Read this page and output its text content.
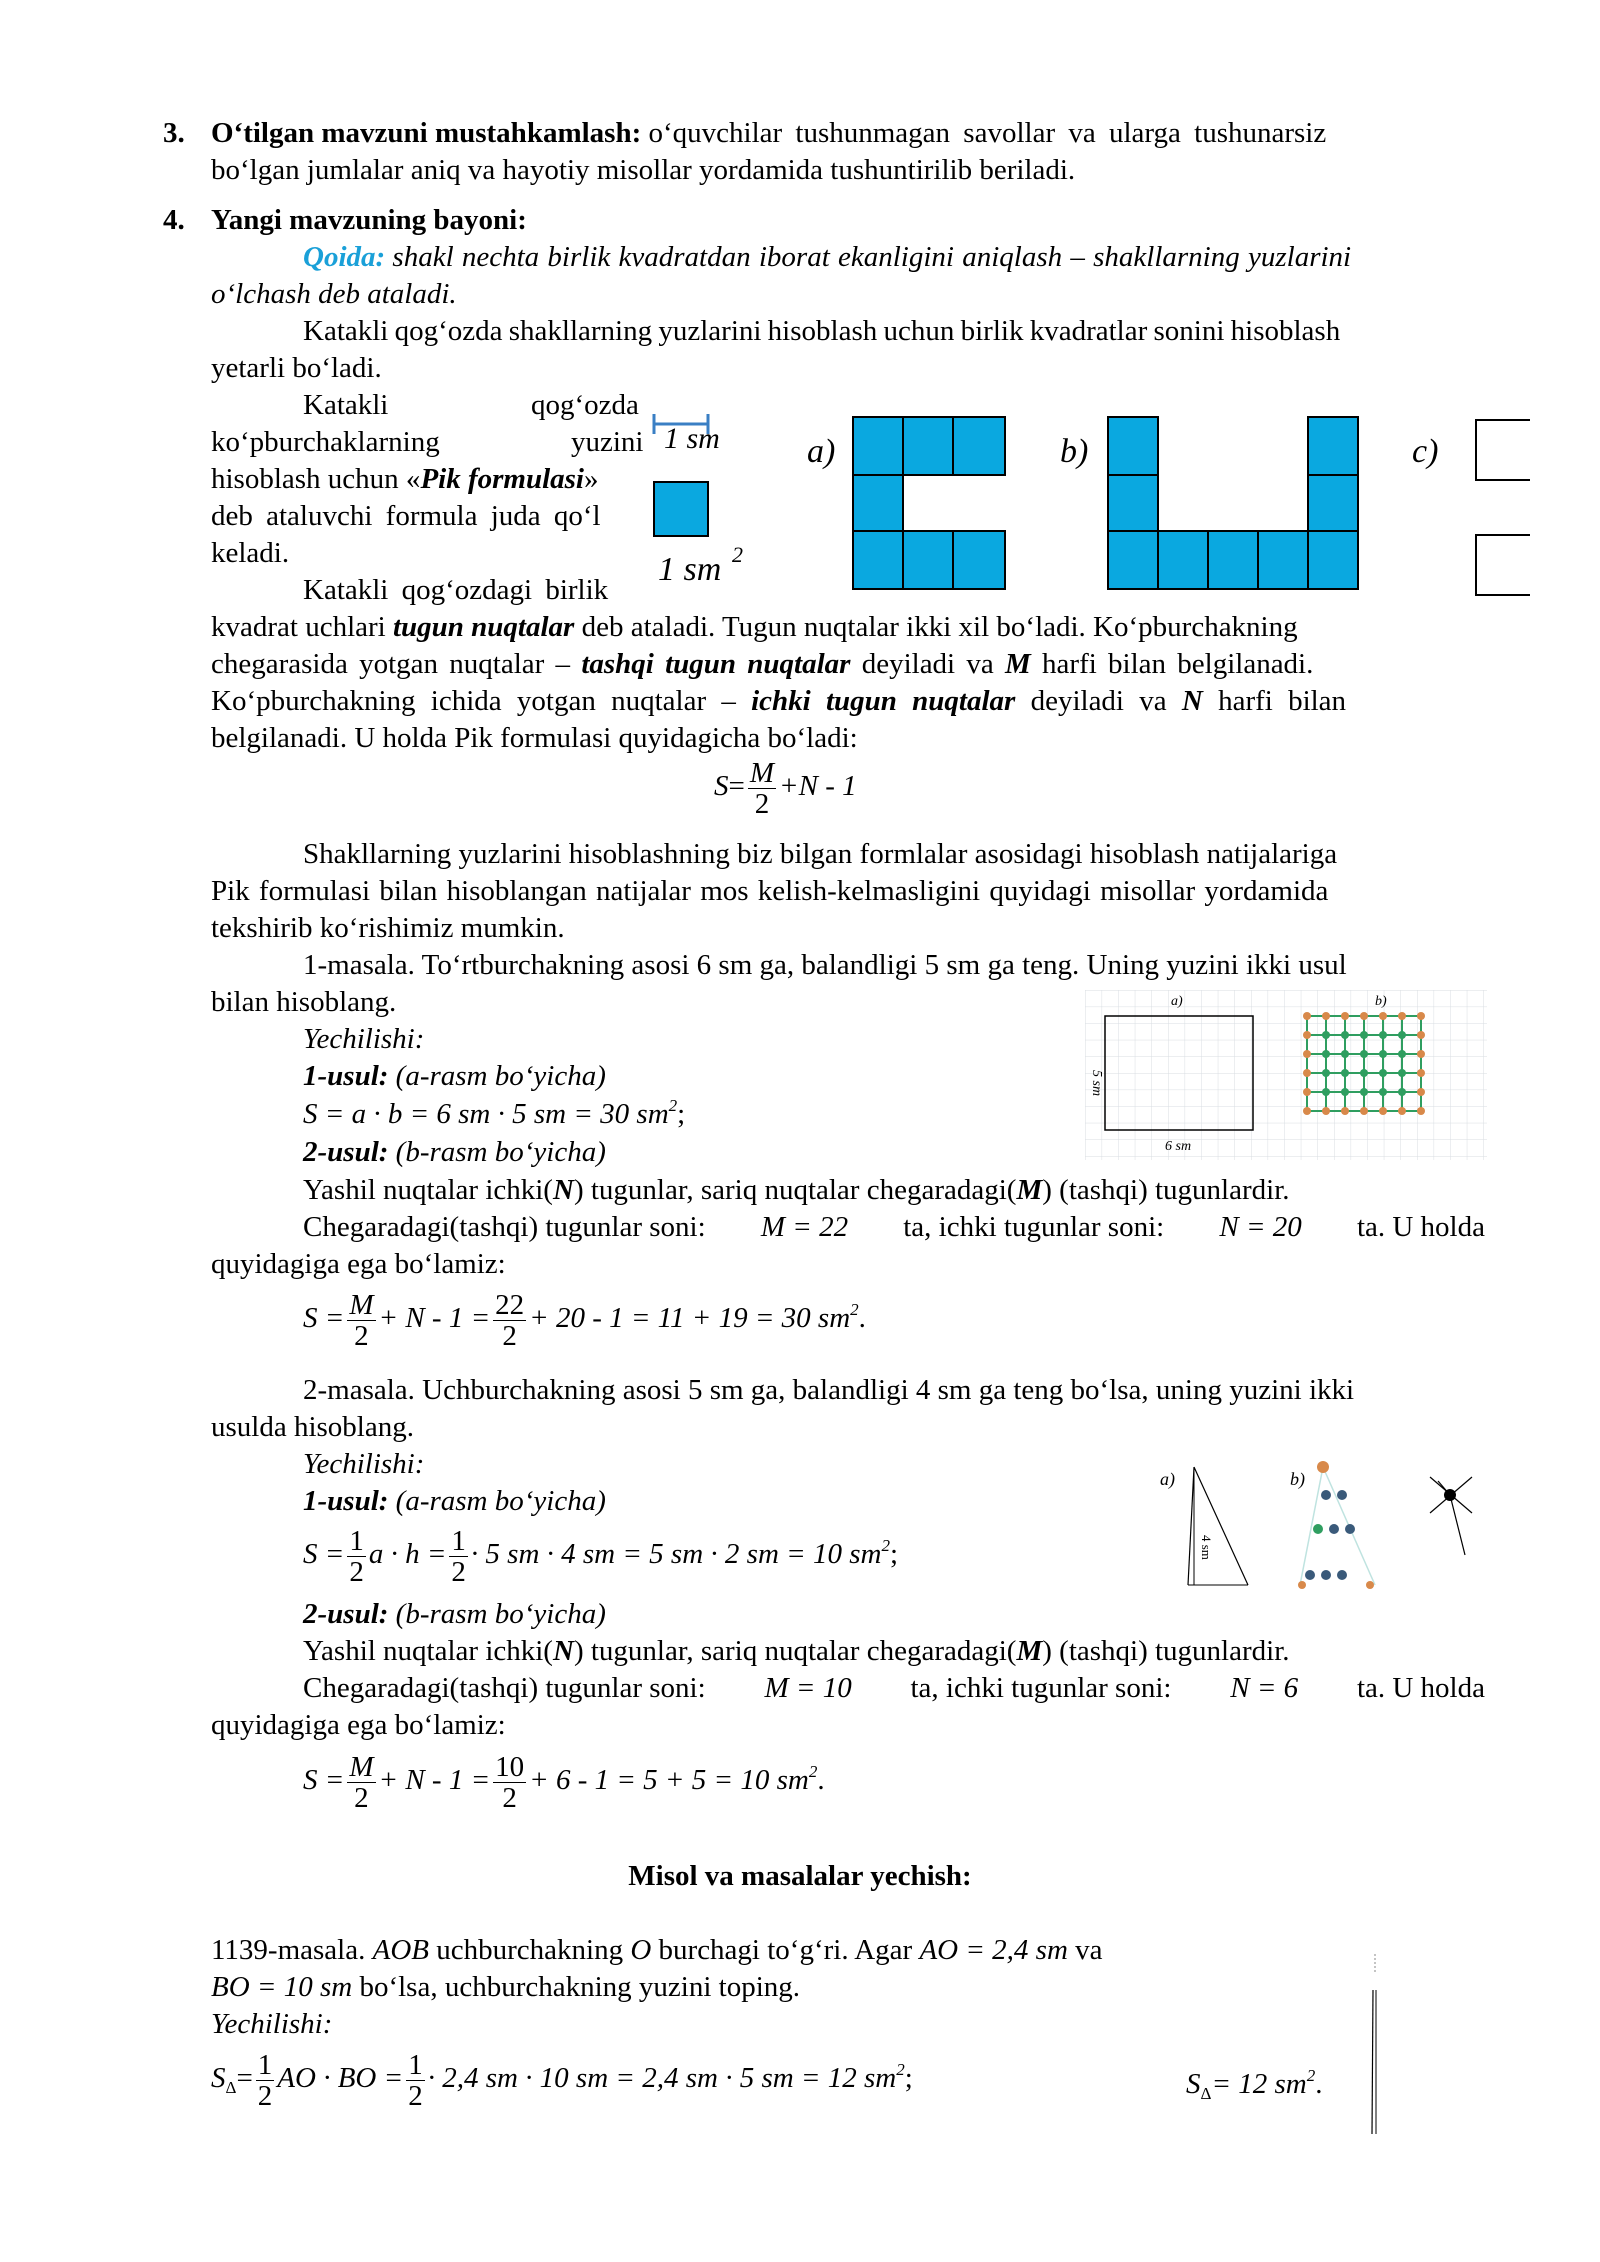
3. O‘tilgan mavzuni mustahkamlash: o‘quvchilar tushunmagan savollar va ularga tushunarsiz
bo‘lgan jumlalar aniq va hayotiy misollar yordamida tushuntirilib beriladi.
4. Yangi mavzuning bayoni:
Qoida: shakl nechta birlik kvadratdan iborat ekanligini aniqlash – shakllarning yuzlarini
o‘lchash deb ataladi.
Katakli qog‘ozda shakllarning yuzlarini hisoblash uchun birlik kvadratlar sonini hisoblash
yetarli bo‘ladi.
Katakli	qog‘ozda
ko‘pburchaklarning	yuzini
hisoblash uchun «Pik formulasi»
deb ataluvchi formula juda qo‘l
keladi.
Katakli qog‘ozdagi birlik
1 sm
1 sm 2
a)	b)	c)
kvadrat uchlari tugun nuqtalar deb ataladi. Tugun nuqtalar ikki xil bo‘ladi. Ko‘pburchakning
chegarasida yotgan nuqtalar – tashqi tugun nuqtalar deyiladi va M harfi bilan belgilanadi.
Ko‘pburchakning ichida yotgan nuqtalar – ichki tugun nuqtalar deyiladi va N harfi bilan
belgilanadi. U holda Pik formulasi quyidagicha bo‘ladi:
$S= \frac{M}{2} +N - 1$
Shakllarning yuzlarini hisoblashning biz bilgan formlalar asosidagi hisoblash natijalariga
Pik formulasi bilan hisoblangan natijalar mos kelish-kelmasligini quyidagi misollar yordamida
tekshirib ko‘rishimiz mumkin.
1-masala. To‘rtburchakning asosi 6 sm ga, balandligi 5 sm ga teng. Uning yuzini ikki usul
bilan hisoblang.
Yechilishi:
1-usul: (a-rasm bo‘yicha)
S = a · b = 6 sm · 5 sm = 30 $sm^2$;
2-usul: (b-rasm bo‘yicha)
Yashil nuqtalar ichki(N) tugunlar, sariq nuqtalar chegaradagi(M) (tashqi) tugunlardir.
Chegaradagi(tashqi) tugunlar soni: M = 22 ta, ichki tugunlar soni: N = 20 ta. U holda
quyidagiga ega bo‘lamiz:
$S = \frac{M}{2} + N - 1 = \frac{22}{2} + 20 - 1 = 11 + 19 = 30$ $sm^2$.
a)	b)
5 sm
6 sm
2-masala. Uchburchakning asosi 5 sm ga, balandligi 4 sm ga teng bo‘lsa, uning yuzini ikki
usulda hisoblang.
Yechilishi:
1-usul: (a-rasm bo‘yicha)
$S = \frac{1}{2}$ $a \cdot h = \frac{1}{2} \cdot 5$ sm · 4 sm = 5 sm · 2 sm = 10 $sm^2$;
2-usul: (b-rasm bo‘yicha)
Yashil nuqtalar ichki(N) tugunlar, sariq nuqtalar chegaradagi(M) (tashqi) tugunlardir.
Chegaradagi(tashqi) tugunlar soni: M = 10 ta, ichki tugunlar soni: N = 6 ta. U holda
quyidagiga ega bo‘lamiz:
$S = \frac{M}{2} + N - 1 = \frac{10}{2} + 6 - 1 = 5 + 5 = 10$ $sm^2$.
a)
4 sm
b)
Misol va masalalar yechish:
1139-masala. AOB uchburchakning O burchagi to‘g‘ri. Agar AO = 2,4 sm va
BO = 10 sm bo‘lsa, uchburchakning yuzini toping.
Yechilishi:
$S_\Delta= \frac{1}{2}$ AO · BO = $\frac{1}{2} \cdot 2,4$ sm · 10 sm = 2,4 sm · 5 sm = 12 $sm^2$;	$S_\Delta= 12$ $sm^2$.
